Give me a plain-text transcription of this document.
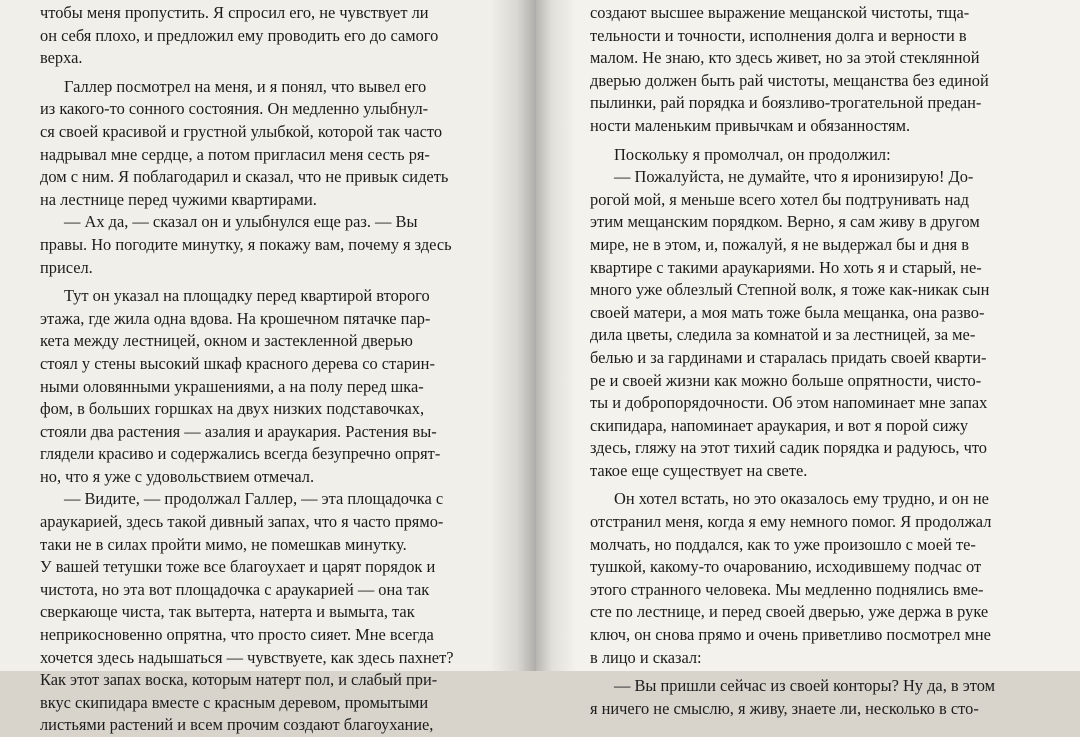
чтобы меня пропустить. Я спросил его, не чувствует ли
он себя плохо, и предложил ему проводить его до самого
верха.
Галлер посмотрел на меня, и я понял, что вывел его
из какого-то сонного состояния. Он медленно улыбнул-
ся своей красивой и грустной улыбкой, которой так часто
надрывал мне сердце, а потом пригласил меня сесть ря-
дом с ним. Я поблагодарил и сказал, что не привык сидеть
на лестнице перед чужими квартирами.
— Ах да, — сказал он и улыбнулся еще раз. — Вы
правы. Но погодите минутку, я покажу вам, почему я здесь
присел.
Тут он указал на площадку перед квартирой второго
этажа, где жила одна вдова. На крошечном пятачке пар-
кета между лестницей, окном и застекленной дверью
стоял у стены высокий шкаф красного дерева со старин-
ными оловянными украшениями, а на полу перед шка-
фом, в больших горшках на двух низких подставочках,
стояли два растения — азалия и араукария. Растения вы-
глядели красиво и содержались всегда безупречно опрят-
но, что я уже с удовольствием отмечал.
— Видите, — продолжал Галлер, — эта площадочка с
араукарией, здесь такой дивный запах, что я часто прямо-
таки не в силах пройти мимо, не помешкав минутку.
У вашей тетушки тоже все благоухает и царят порядок и
чистота, но эта вот площадочка с араукарией — она так
сверкающе чиста, так вытерта, натерта и вымыта, так
неприкосновенно опрятна, что просто сияет. Мне всегда
хочется здесь надышаться — чувствуете, как здесь пахнет?
Как этот запах воска, которым натерт пол, и слабый при-
вкус скипидара вместе с красным деревом, промытыми
листьями растений и всем прочим создают благоухание,
создают высшее выражение мещанской чистоты, тща-
тельности и точности, исполнения долга и верности в
малом. Не знаю, кто здесь живет, но за этой стеклянной
дверью должен быть рай чистоты, мещанства без единой
пылинки, рай порядка и боязливо-трогательной предан-
ности маленьким привычкам и обязанностям.
Поскольку я промолчал, он продолжил:
— Пожалуйста, не думайте, что я иронизирую! До-
рогой мой, я меньше всего хотел бы подтрунивать над
этим мещанским порядком. Верно, я сам живу в другом
мире, не в этом, и, пожалуй, я не выдержал бы и дня в
квартире с такими араукариями. Но хоть я и старый, не-
много уже облезлый Степной волк, я тоже как-никак сын
своей матери, а моя мать тоже была мещанка, она разво-
дила цветы, следила за комнатой и за лестницей, за ме-
белью и за гардинами и старалась придать своей кварти-
ре и своей жизни как можно больше опрятности, чисто-
ты и добропорядочности. Об этом напоминает мне запах
скипидара, напоминает араукария, и вот я порой сижу
здесь, гляжу на этот тихий садик порядка и радуюсь, что
такое еще существует на свете.
Он хотел встать, но это оказалось ему трудно, и он не
отстранил меня, когда я ему немного помог. Я продолжал
молчать, но поддался, как то уже произошло с моей те-
тушкой, какому-то очарованию, исходившему подчас от
этого странного человека. Мы медленно поднялись вме-
сте по лестнице, и перед своей дверью, уже держа в руке
ключ, он снова прямо и очень приветливо посмотрел мне
в лицо и сказал:
— Вы пришли сейчас из своей конторы? Ну да, в этом
я ничего не смыслю, я живу, знаете ли, несколько в сто-
